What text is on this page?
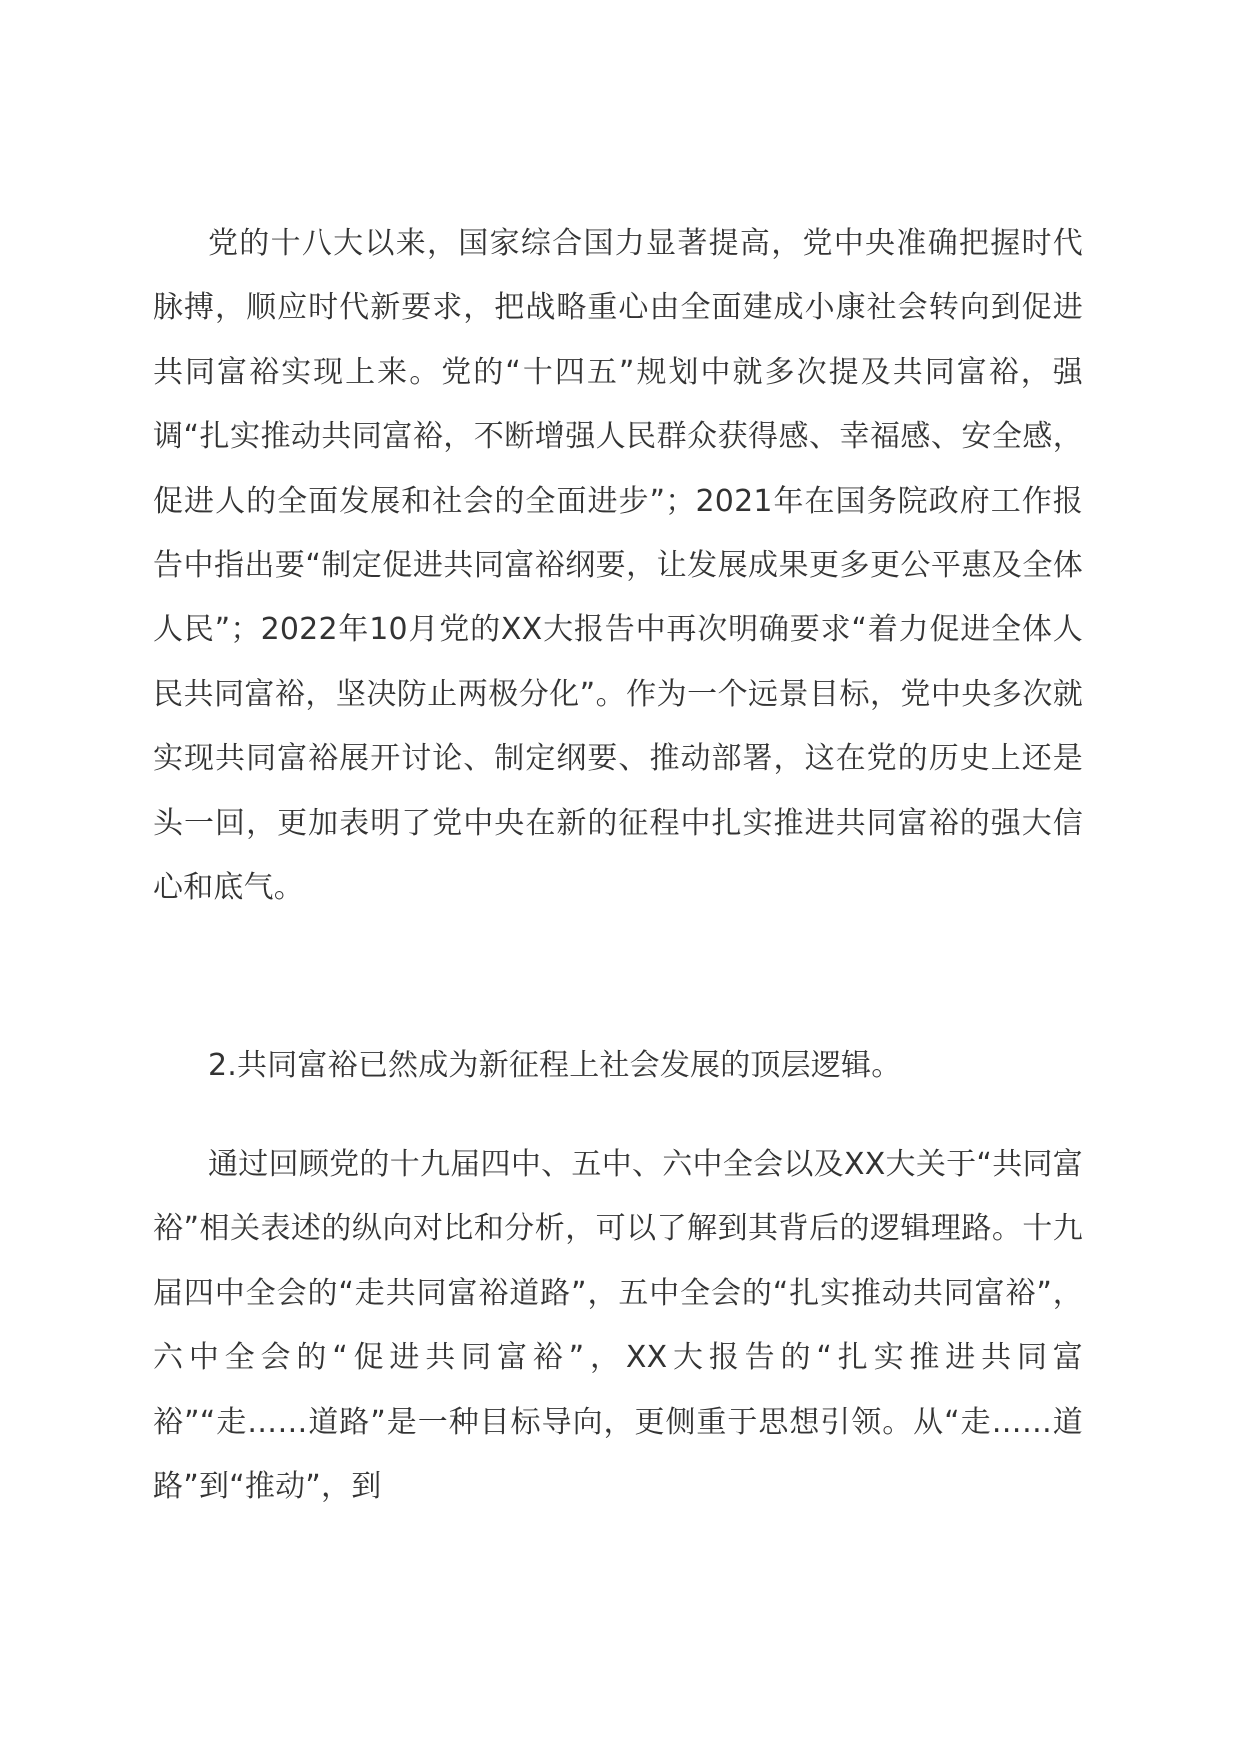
党的十八大以来，国家综合国力显著提高，党中央准确把握时代脉搏，顺应时代新要求，把战略重心由全面建成小康社会转向到促进共同富裕实现上来。党的“十四五”规划中就多次提及共同富裕，强调“扎实推动共同富裕，不断增强人民群众获得感、幸福感、安全感，促进人的全面发展和社会的全面进步”；2021年在国务院政府工作报告中指出要“制定促进共同富裕纲要，让发展成果更多更公平惠及全体人民”；2022年10月党的XX大报告中再次明确要求“着力促进全体人民共同富裕，坚决防止两极分化”。作为一个远景目标，党中央多次就实现共同富裕展开讨论、制定纲要、推动部署，这在党的历史上还是头一回，更加表明了党中央在新的征程中扎实推进共同富裕的强大信心和底气。

2.共同富裕已然成为新征程上社会发展的顶层逻辑。

通过回顾党的十九届四中、五中、六中全会以及XX大关于“共同富裕”相关表述的纵向对比和分析，可以了解到其背后的逻辑理路。十九届四中全会的“走共同富裕道路”，五中全会的“扎实推动共同富裕”，六中全会的“促进共同富裕”，XX大报告的“扎实推进共同富裕”“走……道路”是一种目标导向，更侧重于思想引领。从“走……道路”到“推动”，到
